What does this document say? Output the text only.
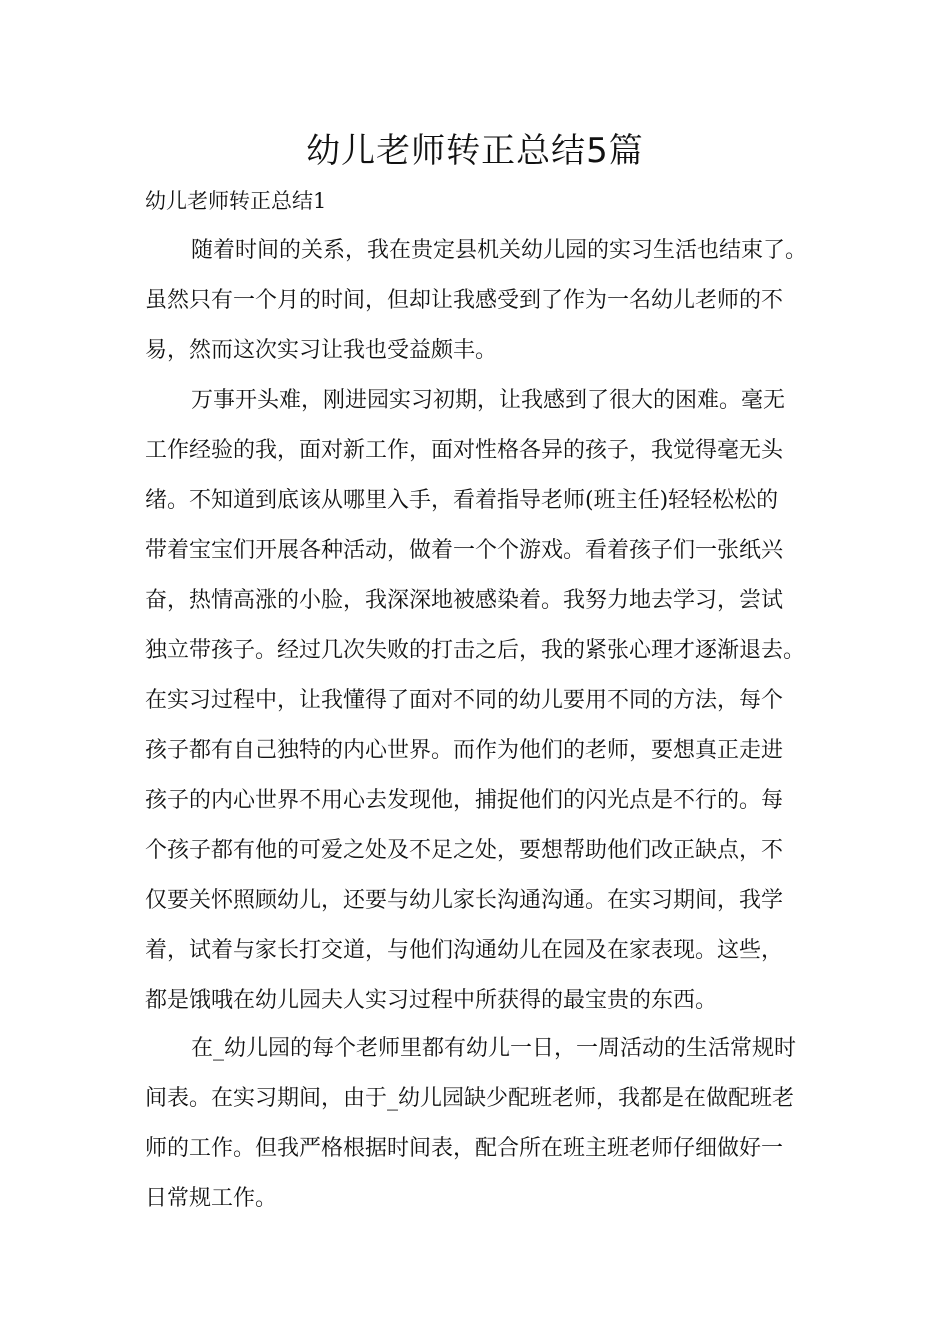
幼儿老师转正总结5篇

幼儿老师转正总结1

随着时间的关系，我在贵定县机关幼儿园的实习生活也结束了。
虽然只有一个月的时间，但却让我感受到了作为一名幼儿老师的不
易，然而这次实习让我也受益颇丰。

万事开头难，刚进园实习初期，让我感到了很大的困难。毫无
工作经验的我，面对新工作，面对性格各异的孩子，我觉得毫无头
绪。不知道到底该从哪里入手，看着指导老师(班主任)轻轻松松的
带着宝宝们开展各种活动，做着一个个游戏。看着孩子们一张纸兴
奋，热情高涨的小脸，我深深地被感染着。我努力地去学习，尝试
独立带孩子。经过几次失败的打击之后，我的紧张心理才逐渐退去。
在实习过程中，让我懂得了面对不同的幼儿要用不同的方法，每个
孩子都有自己独特的内心世界。而作为他们的老师，要想真正走进
孩子的内心世界不用心去发现他，捕捉他们的闪光点是不行的。每
个孩子都有他的可爱之处及不足之处，要想帮助他们改正缺点，不
仅要关怀照顾幼儿，还要与幼儿家长沟通沟通。在实习期间，我学
着，试着与家长打交道，与他们沟通幼儿在园及在家表现。这些，
都是饿哦在幼儿园夫人实习过程中所获得的最宝贵的东西。

在_幼儿园的每个老师里都有幼儿一日，一周活动的生活常规时
间表。在实习期间，由于_幼儿园缺少配班老师，我都是在做配班老
师的工作。但我严格根据时间表，配合所在班主班老师仔细做好一
日常规工作。
